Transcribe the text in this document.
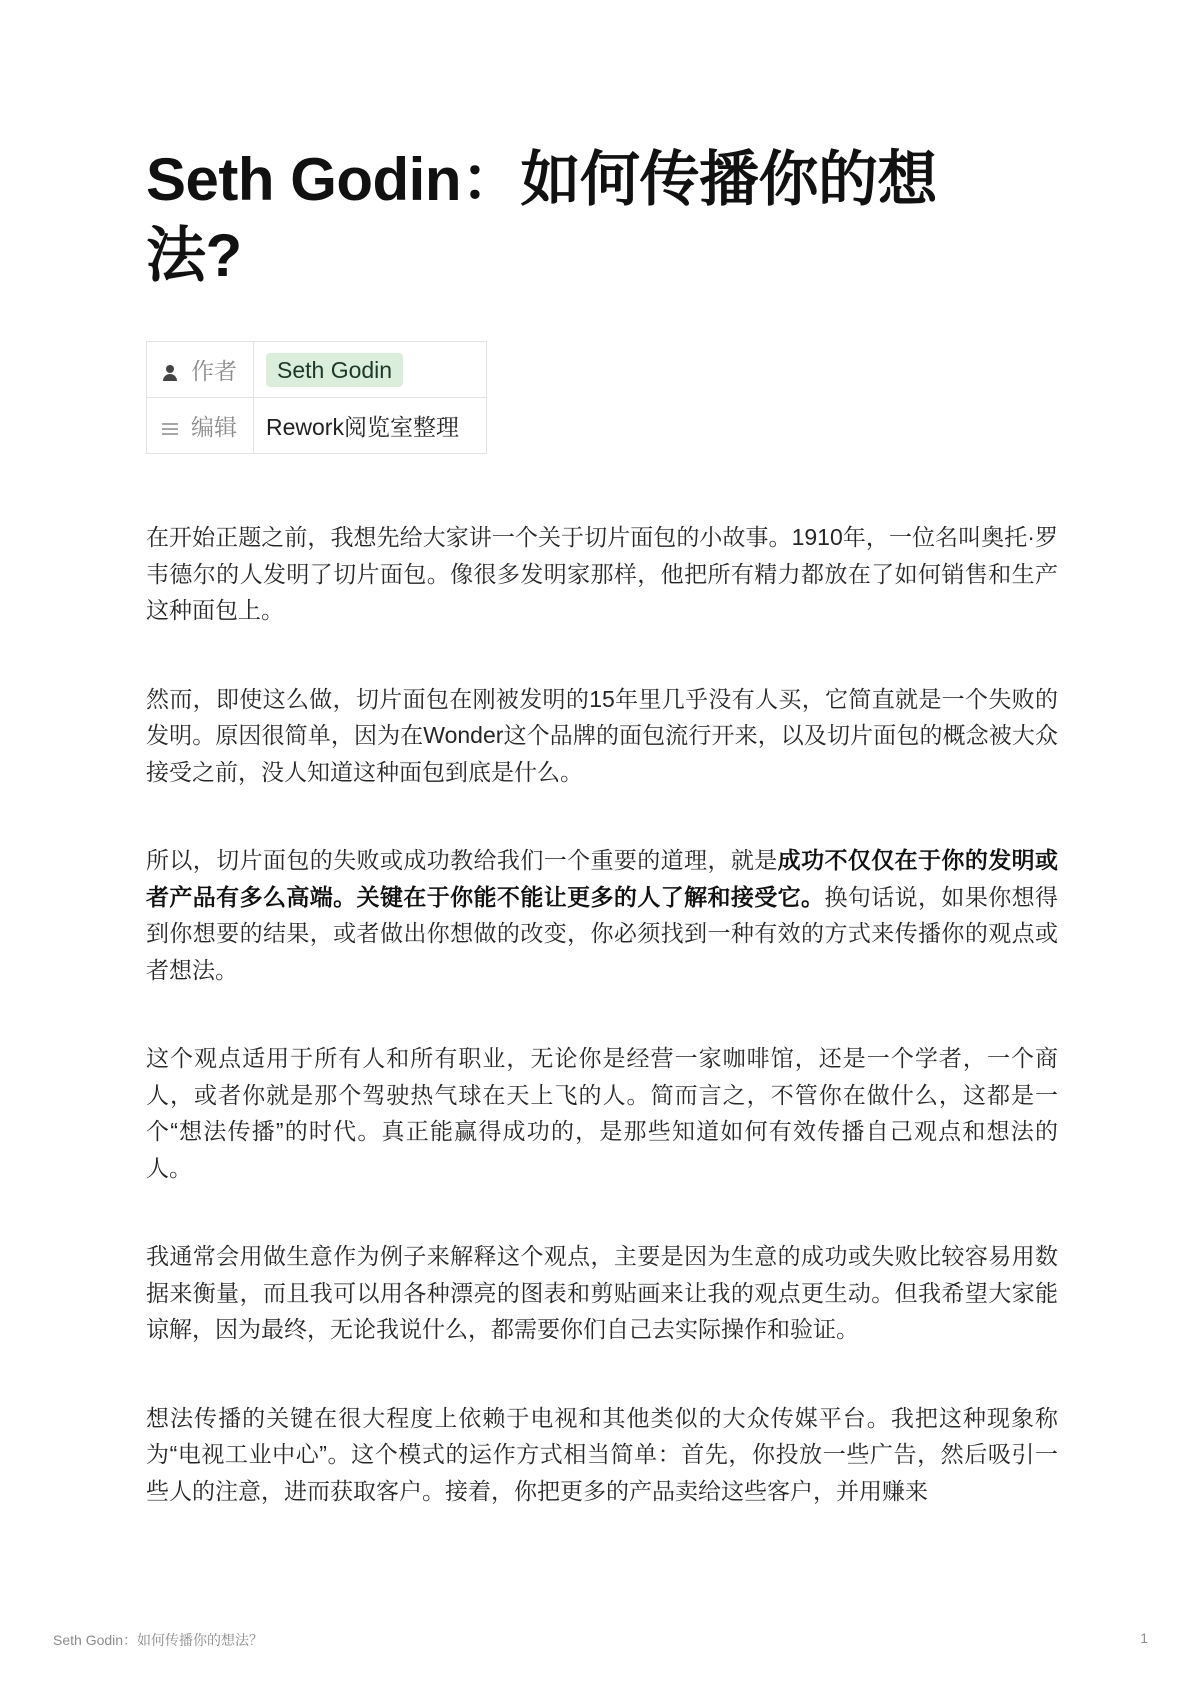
Seth Godin：如何传播你的想法?
作者	Seth Godin
编辑	Rework阅览室整理

在开始正题之前，我想先给大家讲一个关于切片面包的小故事。1910年，一位名叫奥托·罗韦德尔的人发明了切片面包。像很多发明家那样，他把所有精力都放在了如何销售和生产这种面包上。

然而，即使这么做，切片面包在刚被发明的15年里几乎没有人买，它简直就是一个失败的发明。原因很简单，因为在Wonder这个品牌的面包流行开来，以及切片面包的概念被大众接受之前，没人知道这种面包到底是什么。

所以，切片面包的失败或成功教给我们一个重要的道理，就是成功不仅仅在于你的发明或者产品有多么高端。关键在于你能不能让更多的人了解和接受它。换句话说，如果你想得到你想要的结果，或者做出你想做的改变，你必须找到一种有效的方式来传播你的观点或者想法。

这个观点适用于所有人和所有职业，无论你是经营一家咖啡馆，还是一个学者，一个商人，或者你就是那个驾驶热气球在天上飞的人。简而言之，不管你在做什么，这都是一个“想法传播”的时代。真正能赢得成功的，是那些知道如何有效传播自己观点和想法的人。

我通常会用做生意作为例子来解释这个观点，主要是因为生意的成功或失败比较容易用数据来衡量，而且我可以用各种漂亮的图表和剪贴画来让我的观点更生动。但我希望大家能谅解，因为最终，无论我说什么，都需要你们自己去实际操作和验证。

想法传播的关键在很大程度上依赖于电视和其他类似的大众传媒平台。我把这种现象称为“电视工业中心”。这个模式的运作方式相当简单：首先，你投放一些广告，然后吸引一些人的注意，进而获取客户。接着，你把更多的产品卖给这些客户，并用赚来

Seth Godin：如何传播你的想法？	1
